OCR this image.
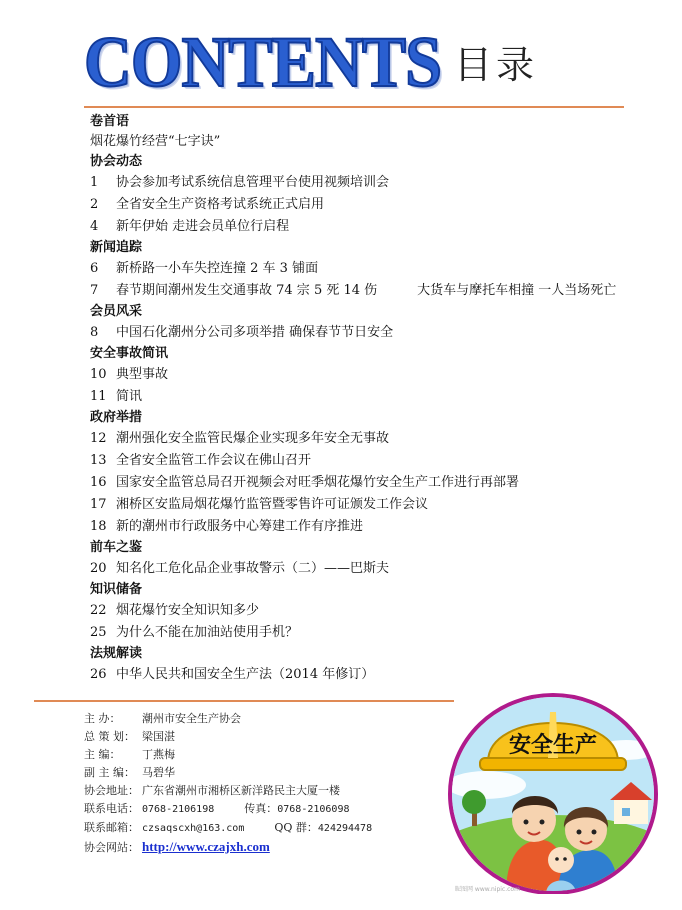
CONTENTS 目录
卷首语
烟花爆竹经营“七字诀”
协会动态
1 协会参加考试系统信息管理平台使用视频培训会
2 全省安全生产资格考试系统正式启用
4 新年伊始 走进会员单位行启程
新闻追踪
6 新桥路一小车失控连撞 2 车 3 铺面
7 春节期间潮州发生交通事故 74 宗 5 死 14 伤	大货车与摩托车相撞 一人当场死亡
会员风采
8 中国石化潮州分公司多项举措 确保春节节日安全
安全事故简讯
10 典型事故
11 简讯
政府举措
12 潮州强化安全监管民爆企业实现多年安全无事故
13 全省安全监管工作会议在佛山召开
16 国家安全监管总局召开视频会对旺季烟花爆竹安全生产工作进行再部署
17 湘桥区安监局烟花爆竹监管暨零售许可证颁发工作会议
18 新的潮州市行政服务中心筹建工作有序推进
前车之鉴
20 知名化工危化品企业事故警示（二）——巴斯夫
知识储备
22 烟花爆竹安全知识知多少
25 为什么不能在加油站使用手机？
法规解读
26 中华人民共和国安全生产法（2014 年修订）
主 办： 潮州市安全生产协会
总 策 划： 梁国湛
主 编： 丁燕梅
副 主 编： 马碧华
协会地址： 广东省潮州市湘桥区新洋路民主大厦一楼
联系电话： 0768-2106198	传真：0768-2106098
联系邮箱： czsaqscxh@163.com	QQ 群：424294478
协会网站： http://www.czajxh.com
安全生产
昵图网 www.nipic.com
